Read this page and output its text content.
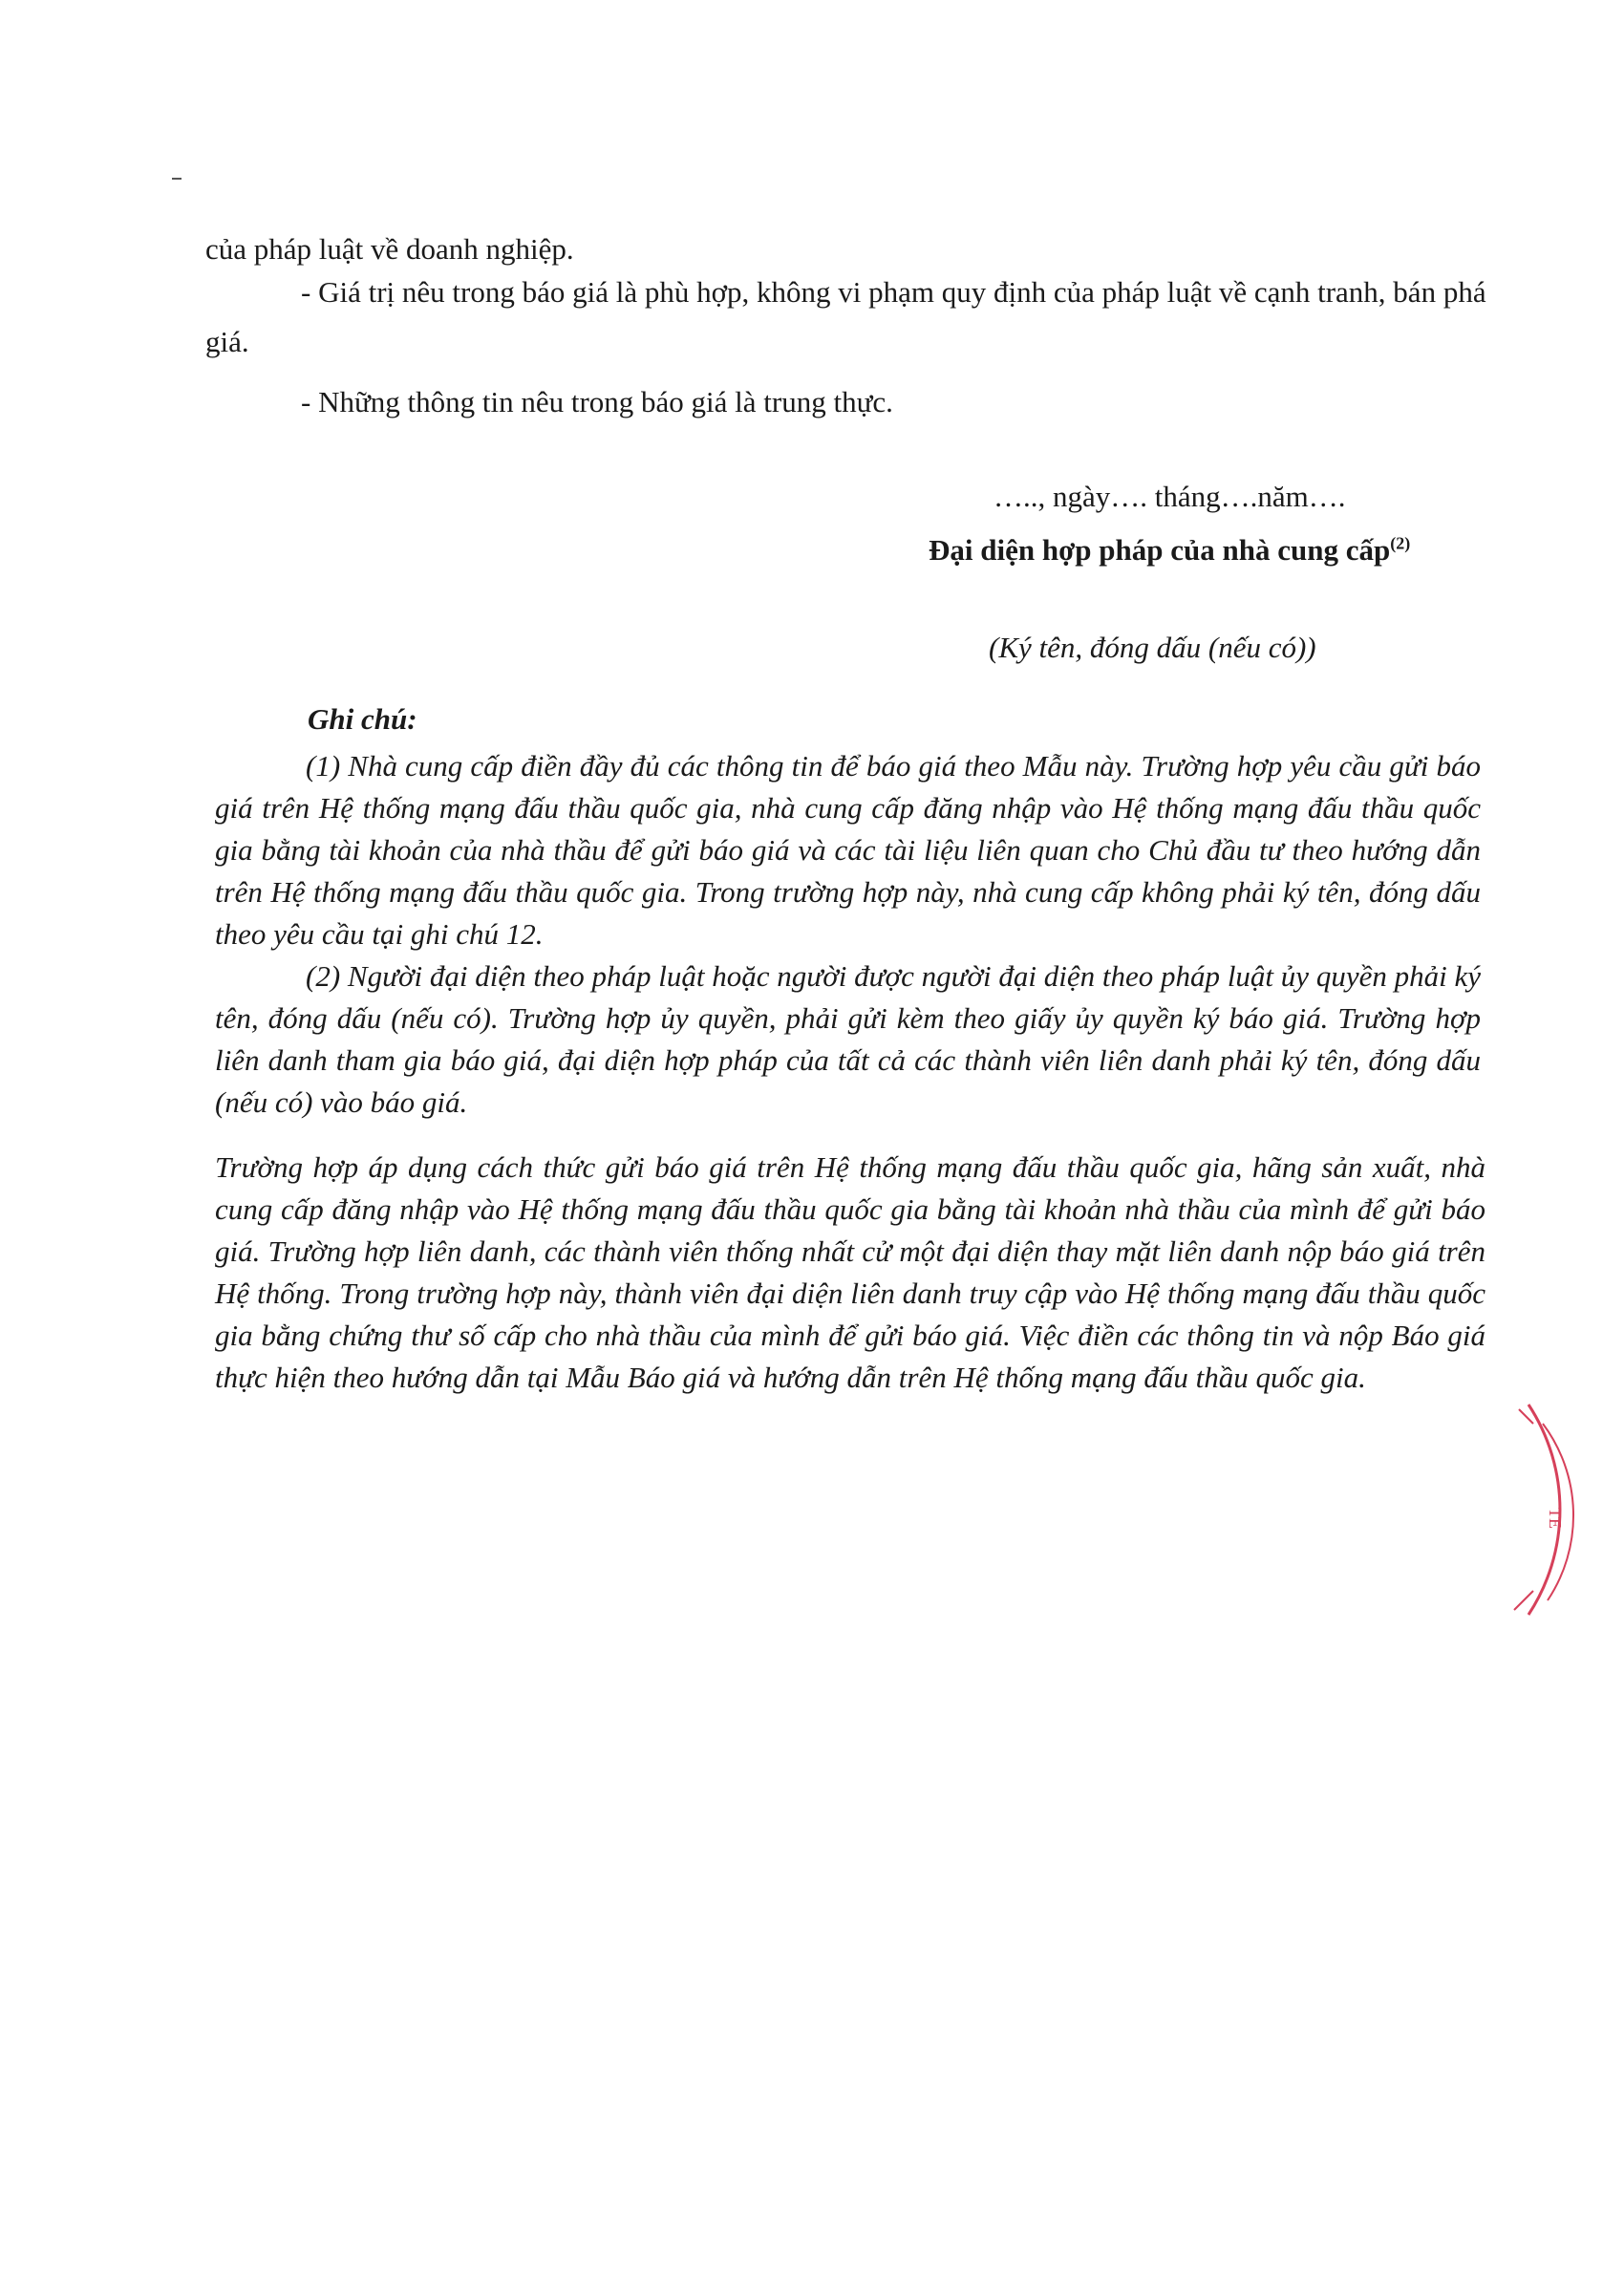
của pháp luật về doanh nghiệp.

- Giá trị nêu trong báo giá là phù hợp, không vi phạm quy định của pháp luật về cạnh tranh, bán phá giá.

- Những thông tin nêu trong báo giá là trung thực.

….., ngày…. tháng….năm….

Đại diện hợp pháp của nhà cung cấp$^{(2)}$

(Ký tên, đóng dấu (nếu có))

Ghi chú:

(1) Nhà cung cấp điền đầy đủ các thông tin để báo giá theo Mẫu này. Trường hợp yêu cầu gửi báo giá trên Hệ thống mạng đấu thầu quốc gia, nhà cung cấp đăng nhập vào Hệ thống mạng đấu thầu quốc gia bằng tài khoản của nhà thầu để gửi báo giá và các tài liệu liên quan cho Chủ đầu tư theo hướng dẫn trên Hệ thống mạng đấu thầu quốc gia. Trong trường hợp này, nhà cung cấp không phải ký tên, đóng dấu theo yêu cầu tại ghi chú 12.

(2) Người đại diện theo pháp luật hoặc người được người đại diện theo pháp luật ủy quyền phải ký tên, đóng dấu (nếu có). Trường hợp ủy quyền, phải gửi kèm theo giấy ủy quyền ký báo giá. Trường hợp liên danh tham gia báo giá, đại diện hợp pháp của tất cả các thành viên liên danh phải ký tên, đóng dấu (nếu có) vào báo giá.

Trường hợp áp dụng cách thức gửi báo giá trên Hệ thống mạng đấu thầu quốc gia, hãng sản xuất, nhà cung cấp đăng nhập vào Hệ thống mạng đấu thầu quốc gia bằng tài khoản nhà thầu của mình để gửi báo giá. Trường hợp liên danh, các thành viên thống nhất cử một đại diện thay mặt liên danh nộp báo giá trên Hệ thống. Trong trường hợp này, thành viên đại diện liên danh truy cập vào Hệ thống mạng đấu thầu quốc gia bằng chứng thư số cấp cho nhà thầu của mình để gửi báo giá. Việc điền các thông tin và nộp Báo giá thực hiện theo hướng dẫn tại Mẫu Báo giá và hướng dẫn trên Hệ thống mạng đấu thầu quốc gia.

TE
